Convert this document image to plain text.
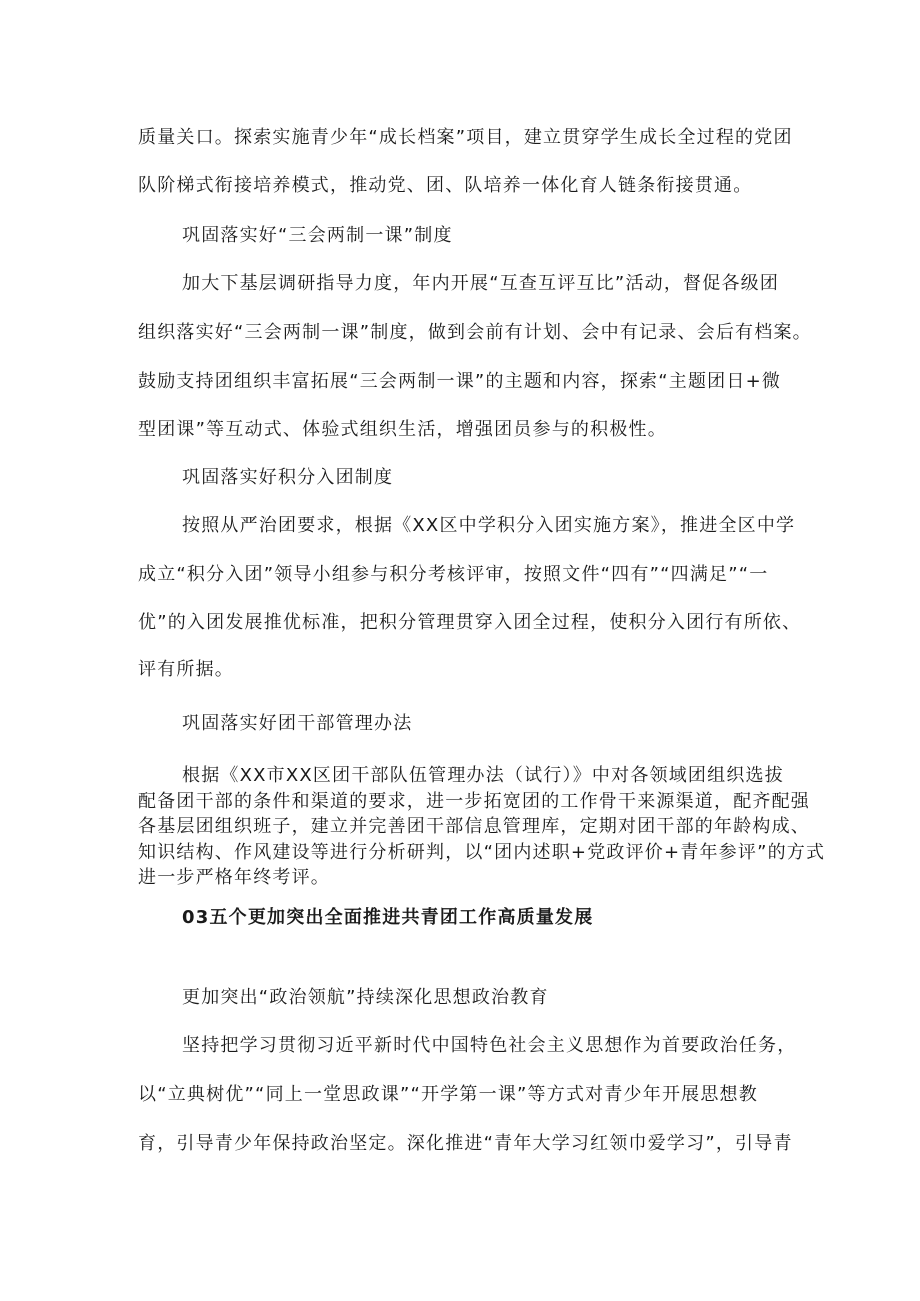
质量关口。探索实施青少年“成长档案”项目，建立贯穿学生成长全过程的党团
队阶梯式衔接培养模式，推动党、团、队培养一体化育人链条衔接贯通。
巩固落实好“三会两制一课”制度
加大下基层调研指导力度，年内开展“互查互评互比”活动，督促各级团
组织落实好“三会两制一课”制度，做到会前有计划、会中有记录、会后有档案。
鼓励支持团组织丰富拓展“三会两制一课”的主题和内容，探索“主题团日+微
型团课”等互动式、体验式组织生活，增强团员参与的积极性。
巩固落实好积分入团制度
按照从严治团要求，根据《XX区中学积分入团实施方案》，推进全区中学
成立“积分入团”领导小组参与积分考核评审，按照文件“四有”“四满足”“一
优”的入团发展推优标准，把积分管理贯穿入团全过程，使积分入团行有所依、
评有所据。
巩固落实好团干部管理办法
根据《XX市XX区团干部队伍管理办法（试行）》中对各领域团组织选拔
配备团干部的条件和渠道的要求，进一步拓宽团的工作骨干来源渠道，配齐配强
各基层团组织班子，建立并完善团干部信息管理库，定期对团干部的年龄构成、
知识结构、作风建设等进行分析研判，以“团内述职+党政评价+青年参评”的方式
进一步严格年终考评。
03五个更加突出全面推进共青团工作高质量发展
更加突出“政治领航”持续深化思想政治教育
坚持把学习贯彻习近平新时代中国特色社会主义思想作为首要政治任务，
以“立典树优”“同上一堂思政课”“开学第一课”等方式对青少年开展思想教
育，引导青少年保持政治坚定。深化推进“青年大学习红领巾爱学习”，引导青
